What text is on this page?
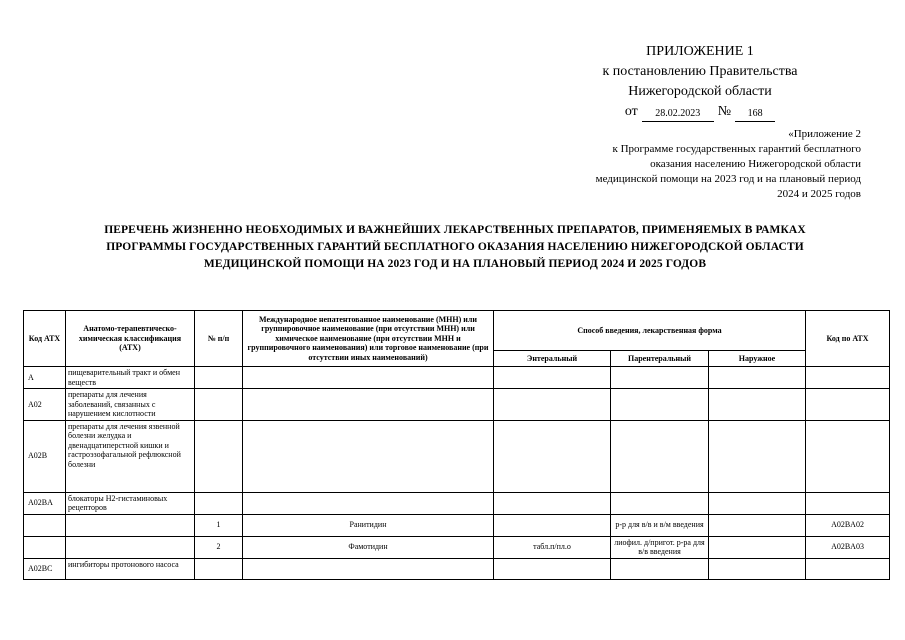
ПРИЛОЖЕНИЕ 1
к постановлению Правительства
Нижегородской области
от	28.02.2023	№	168
«Приложение 2
к Программе государственных гарантий бесплатного
оказания населению Нижегородской области
медицинской помощи на 2023 год и на плановый период
2024 и 2025 годов
ПЕРЕЧЕНЬ ЖИЗНЕННО НЕОБХОДИМЫХ И ВАЖНЕЙШИХ ЛЕКАРСТВЕННЫХ ПРЕПАРАТОВ, ПРИМЕНЯЕМЫХ В РАМКАХ
ПРОГРАММЫ ГОСУДАРСТВЕННЫХ ГАРАНТИЙ БЕСПЛАТНОГО ОКАЗАНИЯ НАСЕЛЕНИЮ НИЖЕГОРОДСКОЙ ОБЛАСТИ
МЕДИЦИНСКОЙ ПОМОЩИ НА 2023 ГОД И НА ПЛАНОВЫЙ ПЕРИОД 2024 И 2025 ГОДОВ
Код АТХ	Анатомо-терапевтическо-химическая классификация (АТХ)	№ п/п	Международное непатентованное наименование (МНН) или группировочное наименование (при отсутствии МНН) или химическое наименование (при отсутствии МНН и группировочного наименования) или торговое наименование (при отсутствии иных наименований)	Способ введения, лекарственная форма			Код по АТХ
				Энтеральный	Парентеральный	Наружное	
A	пищеварительный тракт и обмен веществ						
A02	препараты для лечения заболеваний, связанных с нарушением кислотности						
A02B	препараты для лечения язвенной болезни желудка и двенадцатиперстной кишки и гастроэзофагальной рефлюксной болезни						
A02BA	блокаторы H2-гистаминовых рецепторов						
		1	Ранитидин		р-р для в/в и в/м введения		A02BA02
		2	Фамотидин	табл.п/пл.о	лиофил. д/пригот. р-ра для в/в введения		A02BA03
A02BC	ингибиторы протонового насоса						
